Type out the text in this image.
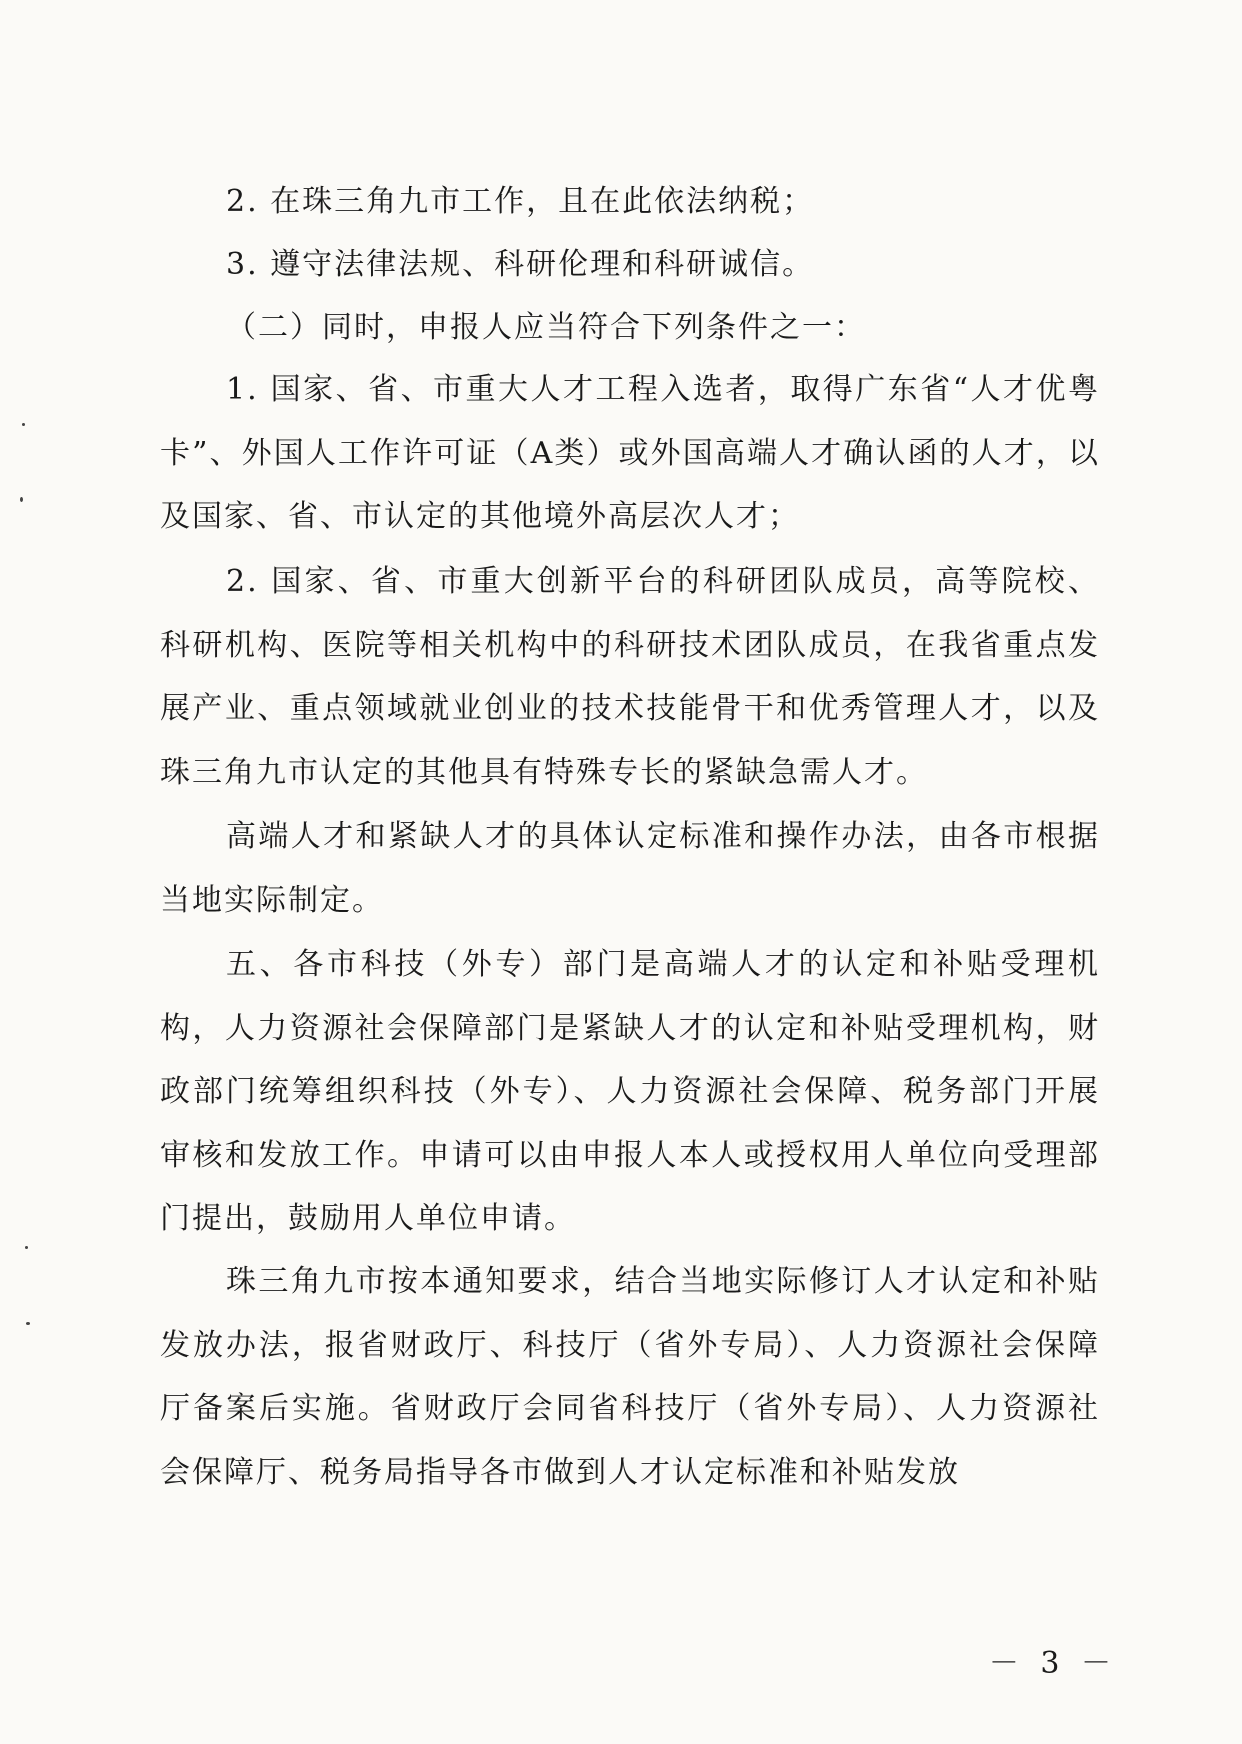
2. 在珠三角九市工作，且在此依法纳税；

3. 遵守法律法规、科研伦理和科研诚信。

（二）同时，申报人应当符合下列条件之一：

1. 国家、省、市重大人才工程入选者，取得广东省“人才优粤卡”、外国人工作许可证（A类）或外国高端人才确认函的人才，以及国家、省、市认定的其他境外高层次人才；

2. 国家、省、市重大创新平台的科研团队成员，高等院校、科研机构、医院等相关机构中的科研技术团队成员，在我省重点发展产业、重点领域就业创业的技术技能骨干和优秀管理人才，以及珠三角九市认定的其他具有特殊专长的紧缺急需人才。

高端人才和紧缺人才的具体认定标准和操作办法，由各市根据当地实际制定。

五、各市科技（外专）部门是高端人才的认定和补贴受理机构，人力资源社会保障部门是紧缺人才的认定和补贴受理机构，财政部门统筹组织科技（外专）、人力资源社会保障、税务部门开展审核和发放工作。申请可以由申报人本人或授权用人单位向受理部门提出，鼓励用人单位申请。

珠三角九市按本通知要求，结合当地实际修订人才认定和补贴发放办法，报省财政厅、科技厅（省外专局）、人力资源社会保障厅备案后实施。省财政厅会同省科技厅（省外专局）、人力资源社会保障厅、税务局指导各市做到人才认定标准和补贴发放

－ 3 －
